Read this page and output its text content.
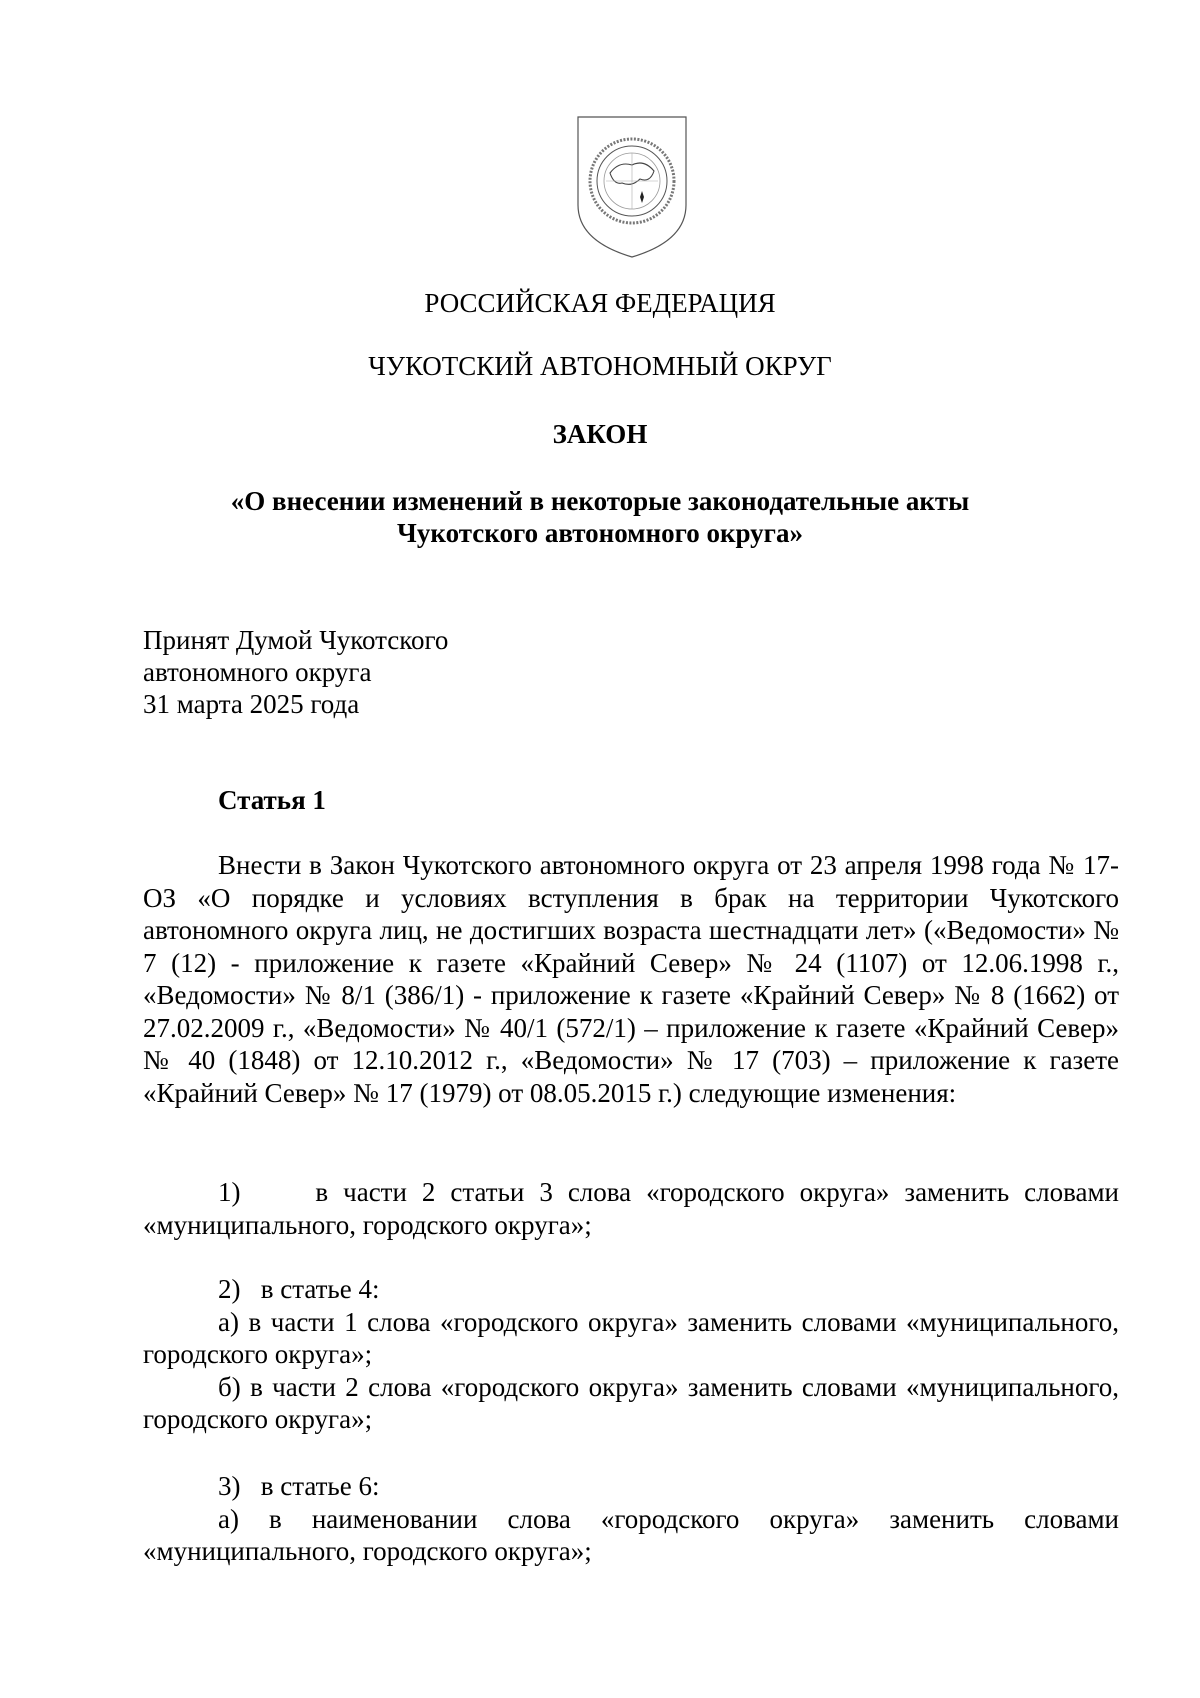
РОССИЙСКАЯ ФЕДЕРАЦИЯ
ЧУКОТСКИЙ АВТОНОМНЫЙ ОКРУГ
ЗАКОН
«О внесении изменений в некоторые законодательные акты
Чукотского автономного округа»
Принят Думой Чукотского
автономного округа
31 марта 2025 года
Статья 1

Внести в Закон Чукотского автономного округа от 23 апреля 1998 года № 17-ОЗ «О порядке и условиях вступления в брак на территории Чукотского автономного округа лиц, не достигших возраста шестнадцати лет» («Ведомости» № 7 (12) - приложение к газете «Крайний Север» № 24 (1107) от 12.06.1998 г., «Ведомости» № 8/1 (386/1) - приложение к газете «Крайний Север» № 8 (1662) от 27.02.2009 г., «Ведомости» № 40/1 (572/1) – приложение к газете «Крайний Север» № 40 (1848) от 12.10.2012 г., «Ведомости» № 17 (703) – приложение к газете «Крайний Север» № 17 (1979) от 08.05.2015 г.) следующие изменения:

1)     в части 2 статьи 3 слова «городского округа» заменить словами «муниципального, городского округа»;

2)   в статье 4:

а) в части 1 слова «городского округа» заменить словами «муниципального, городского округа»;

б) в части 2 слова «городского округа» заменить словами «муниципального, городского округа»;

3)   в статье 6:

а) в наименовании слова «городского округа» заменить словами «муниципального, городского округа»;
